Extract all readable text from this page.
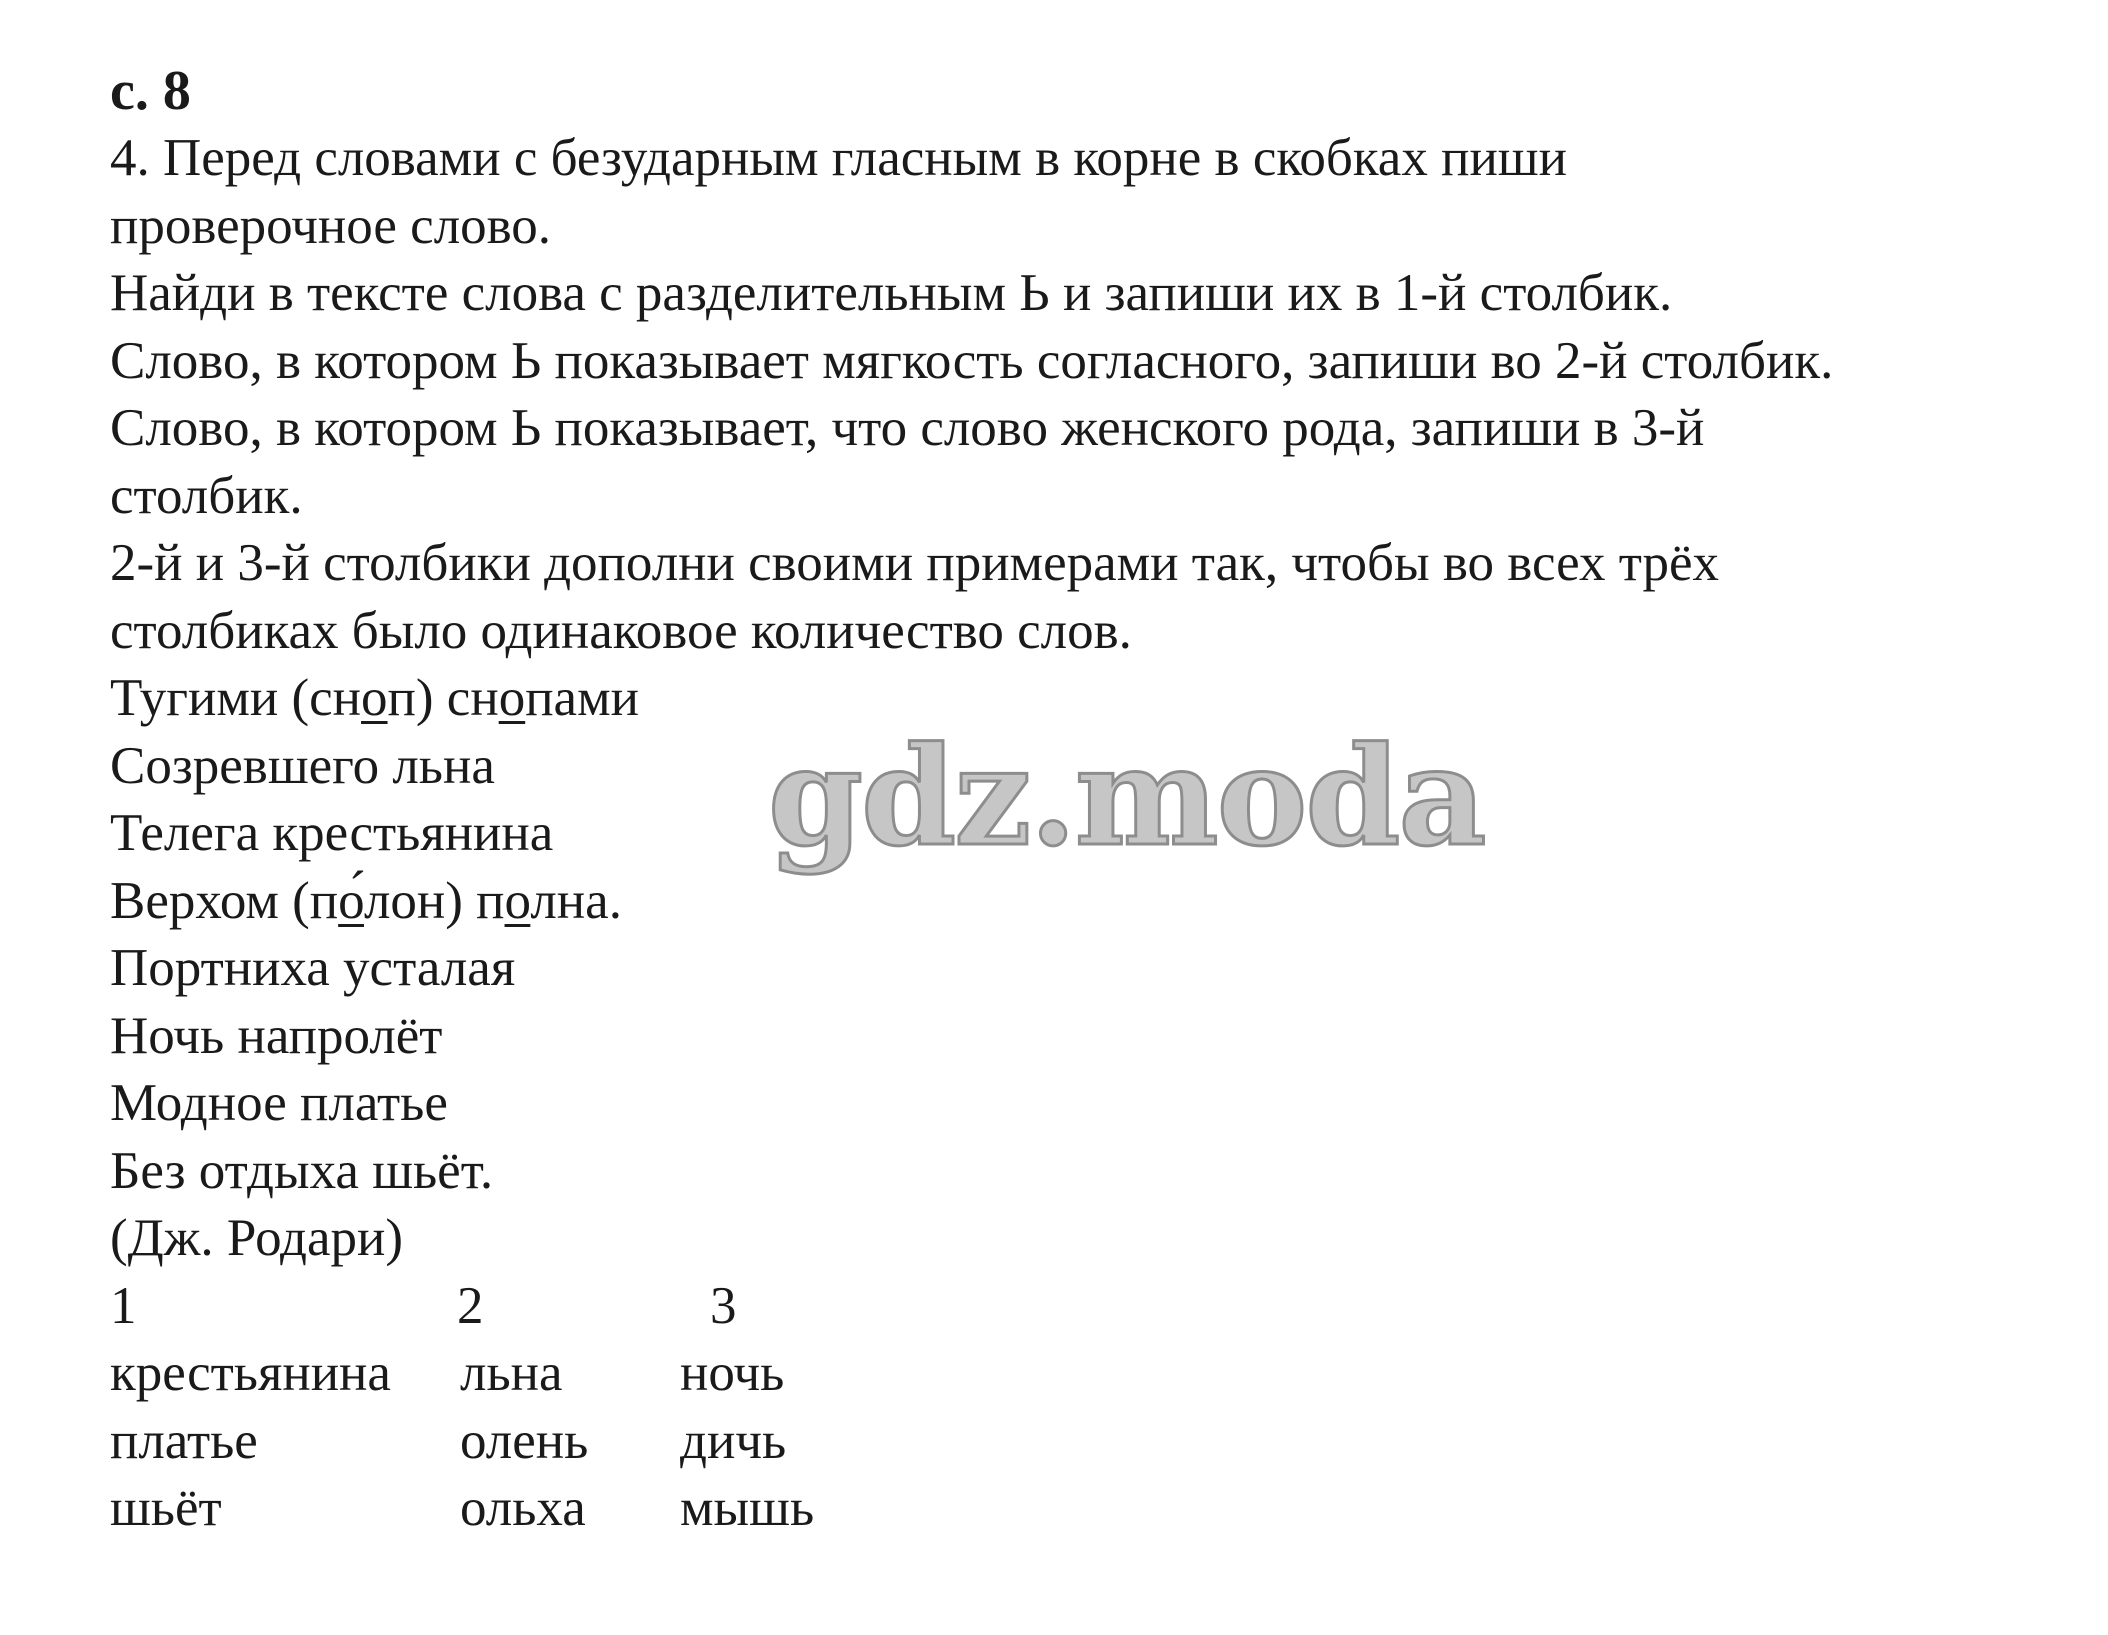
с. 8
4. Перед словами с безударным гласным в корне в скобках пиши
проверочное слово.
Найди в тексте слова с разделительным Ь и запиши их в 1-й столбик.
Слово, в котором Ь показывает мягкость согласного, запиши во 2-й столбик.
Слово, в котором Ь показывает, что слово женского рода, запиши в 3-й
столбик.
2-й и 3-й столбики дополни своими примерами так, чтобы во всех трёх
столбиках было одинаковое количество слов.
Тугими (сноп) снопами
Созревшего льна
Телега крестьянина
Верхом (по́лон) полна.
Портниха усталая
Ночь напролёт
Модное платье
Без отдыха шьёт.
(Дж. Родари)
1	2	3
крестьянина льна ночь
платье	олень дичь
шьёт	ольха мышь
gdz.moda
